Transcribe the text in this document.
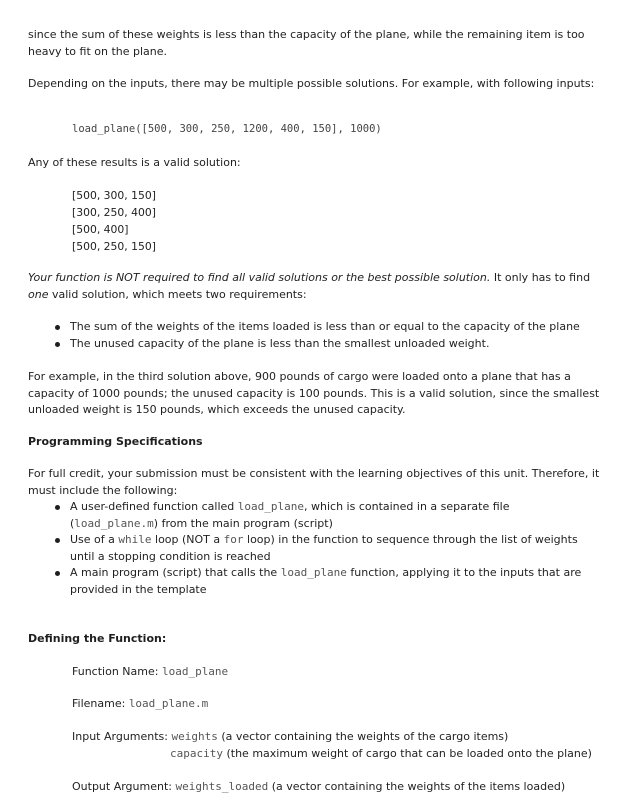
since the sum of these weights is less than the capacity of the plane, while the remaining item is too
heavy to fit on the plane.

Depending on the inputs, there may be multiple possible solutions. For example, with following inputs:

load_plane([500, 300, 250, 1200, 400, 150], 1000)

Any of these results is a valid solution:

[500, 300, 150]
[300, 250, 400]
[500, 400]
[500, 250, 150]

Your function is NOT required to find all valid solutions or the best possible solution. It only has to find
one valid solution, which meets two requirements:

The sum of the weights of the items loaded is less than or equal to the capacity of the plane
The unused capacity of the plane is less than the smallest unloaded weight.

For example, in the third solution above, 900 pounds of cargo were loaded onto a plane that has a
capacity of 1000 pounds; the unused capacity is 100 pounds. This is a valid solution, since the smallest
unloaded weight is 150 pounds, which exceeds the unused capacity.

Programming Specifications

For full credit, your submission must be consistent with the learning objectives of this unit. Therefore, it
must include the following:

A user-defined function called load_plane, which is contained in a separate file
(load_plane.m) from the main program (script)
Use of a while loop (NOT a for loop) in the function to sequence through the list of weights
until a stopping condition is reached
A main program (script) that calls the load_plane function, applying it to the inputs that are
provided in the template

Defining the Function:

Function Name: load_plane

Filename: load_plane.m

Input Arguments: weights (a vector containing the weights of the cargo items)

capacity (the maximum weight of cargo that can be loaded onto the plane)

Output Argument: weights_loaded (a vector containing the weights of the items loaded)
